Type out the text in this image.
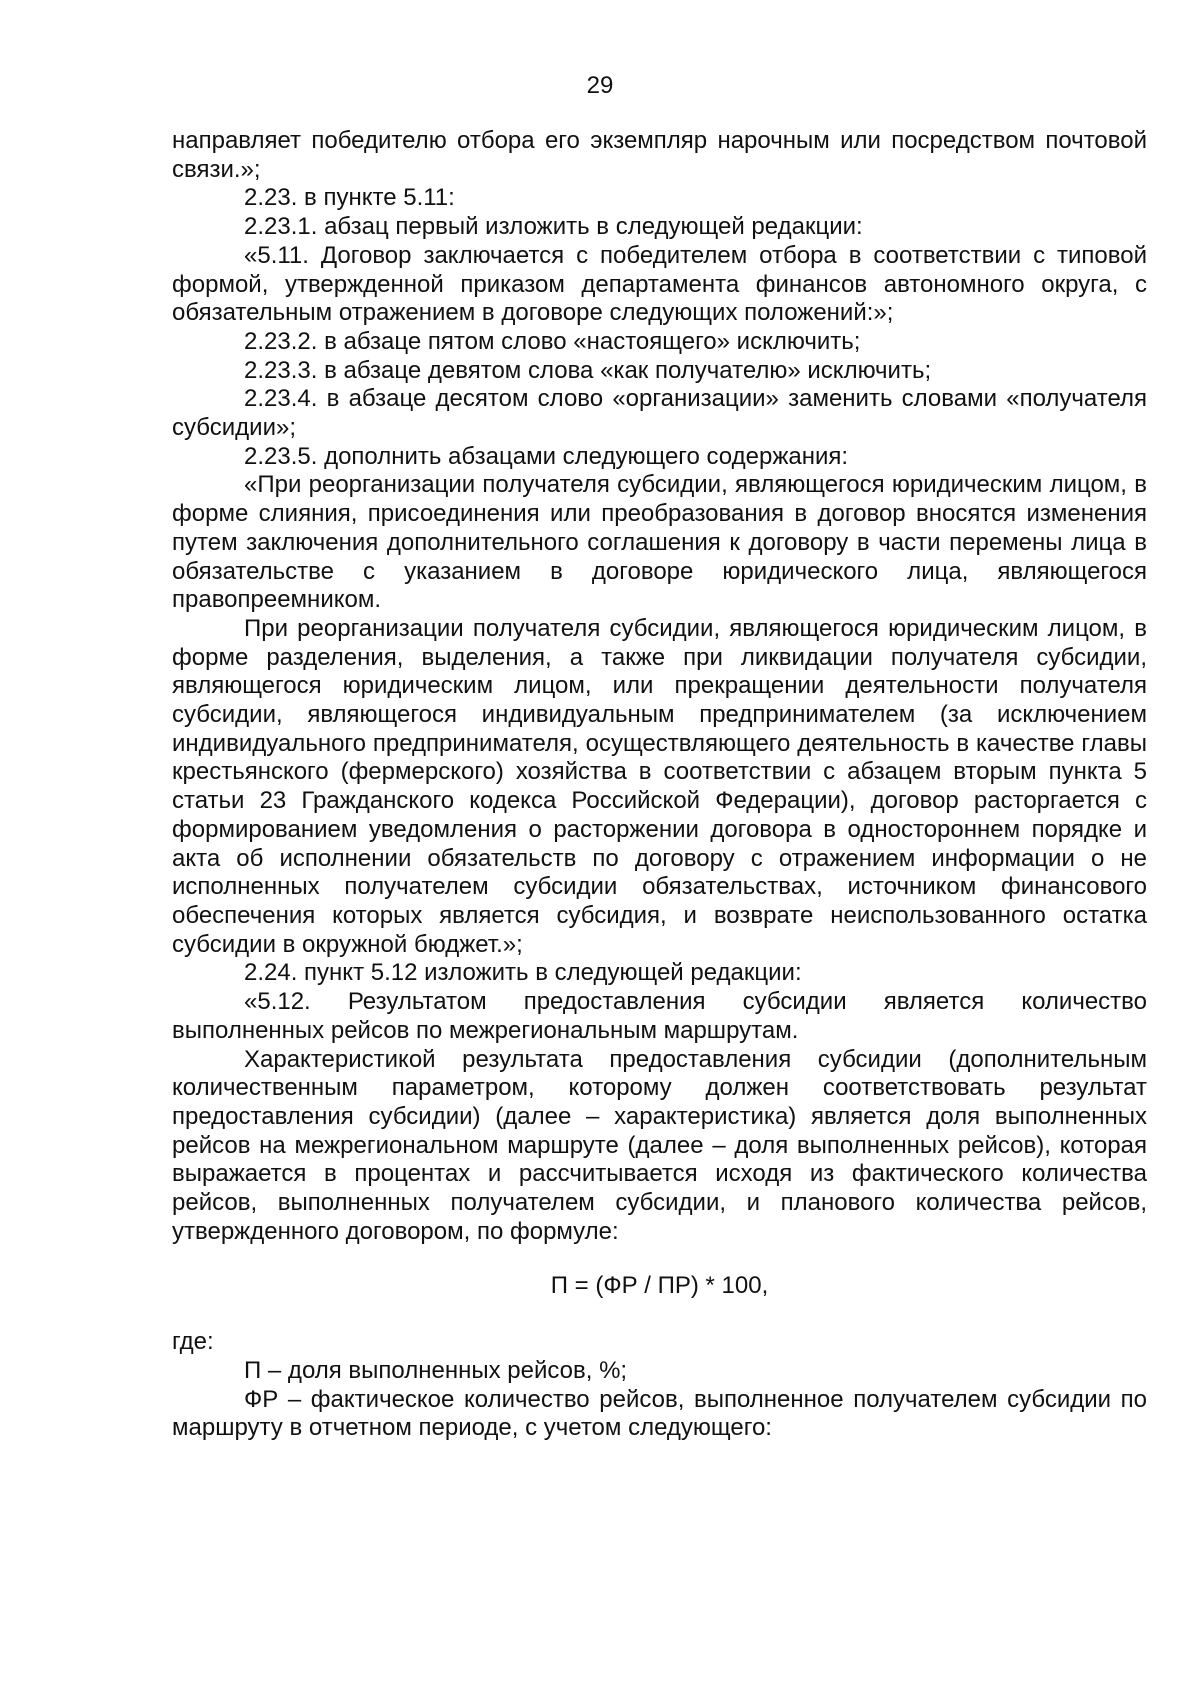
29

направляет победителю отбора его экземпляр нарочным или посредством почтовой связи.»;

2.23. в пункте 5.11:

2.23.1. абзац первый изложить в следующей редакции:

«5.11. Договор заключается с победителем отбора в соответствии с типовой формой, утвержденной приказом департамента финансов автономного округа, с обязательным отражением в договоре следующих положений:»;

2.23.2. в абзаце пятом слово «настоящего» исключить;

2.23.3. в абзаце девятом слова «как получателю» исключить;

2.23.4. в абзаце десятом слово «организации» заменить словами «получателя субсидии»;

2.23.5. дополнить абзацами следующего содержания:

«При реорганизации получателя субсидии, являющегося юридическим лицом, в форме слияния, присоединения или преобразования в договор вносятся изменения путем заключения дополнительного соглашения к договору в части перемены лица в обязательстве с указанием в договоре юридического лица, являющегося правопреемником.

При реорганизации получателя субсидии, являющегося юридическим лицом, в форме разделения, выделения, а также при ликвидации получателя субсидии, являющегося юридическим лицом, или прекращении деятельности получателя субсидии, являющегося индивидуальным предпринимателем (за исключением индивидуального предпринимателя, осуществляющего деятельность в качестве главы крестьянского (фермерского) хозяйства в соответствии с абзацем вторым пункта 5 статьи 23 Гражданского кодекса Российской Федерации), договор расторгается с формированием уведомления о расторжении договора в одностороннем порядке и акта об исполнении обязательств по договору с отражением информации о не исполненных получателем субсидии обязательствах, источником финансового обеспечения которых является субсидия, и возврате неиспользованного остатка субсидии в окружной бюджет.»;

2.24. пункт 5.12 изложить в следующей редакции:

«5.12. Результатом предоставления субсидии является количество выполненных рейсов по межрегиональным маршрутам.

Характеристикой результата предоставления субсидии (дополнительным количественным параметром, которому должен соответствовать результат предоставления субсидии) (далее – характеристика) является доля выполненных рейсов на межрегиональном маршруте (далее – доля выполненных рейсов), которая выражается в процентах и рассчитывается исходя из фактического количества рейсов, выполненных получателем субсидии, и планового количества рейсов, утвержденного договором, по формуле:

П = (ФР / ПР) * 100,

где:

П – доля выполненных рейсов, %;

ФР – фактическое количество рейсов, выполненное получателем субсидии по маршруту в отчетном периоде, с учетом следующего:
